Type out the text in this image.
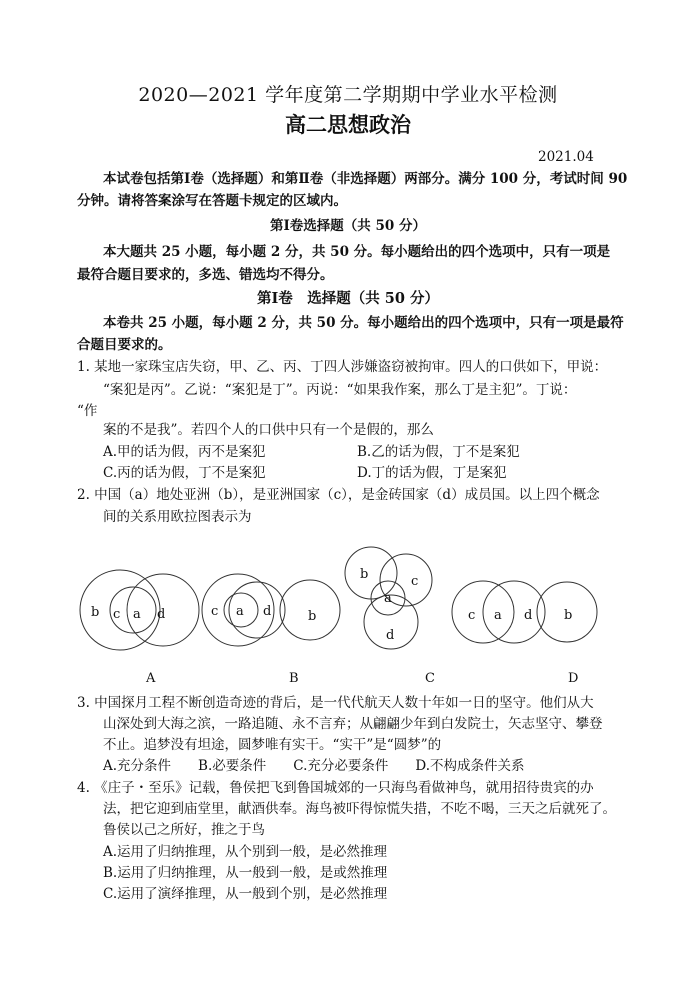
2020—2021 学年度第二学期期中学业水平检测
高二思想政治
2021.04
本试卷包括第Ⅰ卷（选择题）和第Ⅱ卷（非选择题）两部分。满分 100 分，考试时间 90
分钟。请将答案涂写在答题卡规定的区域内。
第Ⅰ卷选择题（共 50 分）
本大题共 25 小题，每小题 2 分，共 50 分。每小题给出的四个选项中，只有一项是
最符合题目要求的，多选、错选均不得分。
第Ⅰ卷　选择题（共 50 分）
本卷共 25 小题，每小题 2 分，共 50 分。每小题给出的四个选项中，只有一项是最符
合题目要求的。
1. 某地一家珠宝店失窃，甲、乙、丙、丁四人涉嫌盗窃被拘审。四人的口供如下，甲说：
“案犯是丙”。乙说：“案犯是丁”。丙说：“如果我作案，那么丁是主犯”。丁说：
“作
案的不是我”。若四个人的口供中只有一个是假的，那么
A.甲的话为假，丙不是案犯	B.乙的话为假，丁不是案犯
C.丙的话为假，丁不是案犯	D.丁的话为假，丁是案犯
2. 中国（a）地处亚洲（b），是亚洲国家（c），是金砖国家（d）成员国。以上四个概念
间的关系用欧拉图表示为
b c a d
A
c a d	b
B
b	c
a
d
C
c a d b
D
3. 中国探月工程不断创造奇迹的背后，是一代代航天人数十年如一日的坚守。他们从大
山深处到大海之滨，一路追随、永不言弃；从翩翩少年到白发院士，矢志坚守、攀登
不止。追梦没有坦途，圆梦唯有实干。“实干”是“圆梦”的
A.充分条件　　B.必要条件　　C.充分必要条件　　D.不构成条件关系
4. 《庄子・至乐》记载，鲁侯把飞到鲁国城郊的一只海鸟看做神鸟，就用招待贵宾的办
法，把它迎到庙堂里，献酒供奉。海鸟被吓得惊慌失措，不吃不喝，三天之后就死了。
鲁侯以己之所好，推之于鸟
A.运用了归纳推理，从个别到一般，是必然推理
B.运用了归纳推理，从一般到一般，是或然推理
C.运用了演绎推理，从一般到个别，是必然推理
